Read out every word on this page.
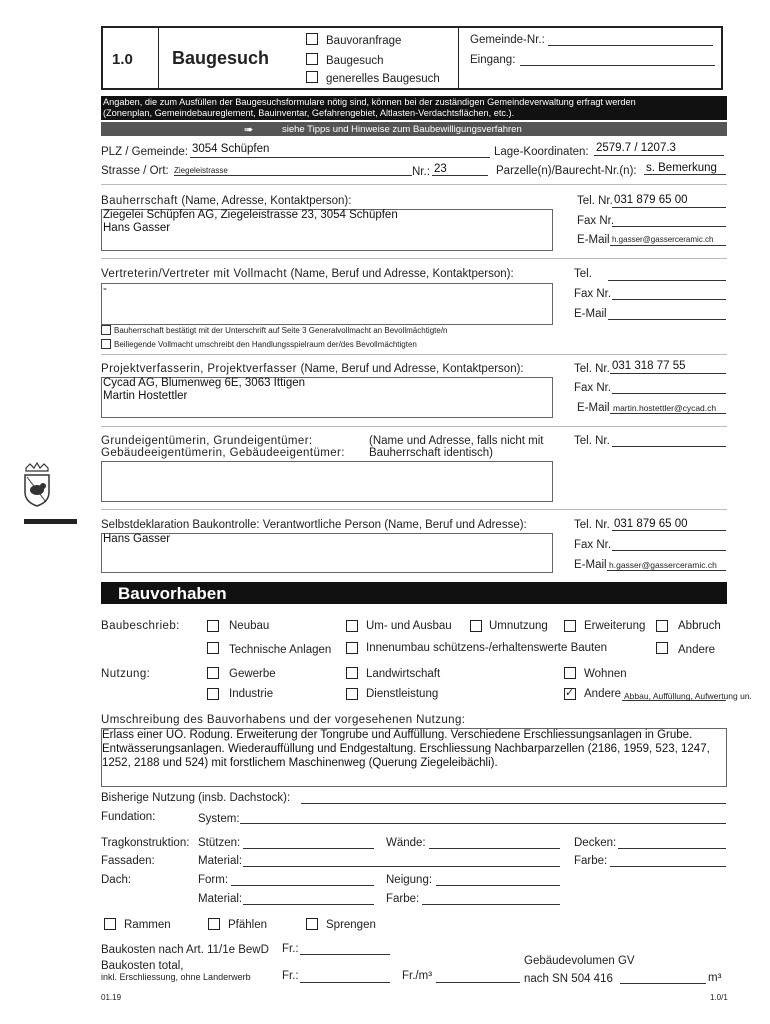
1.0 Baugesuch
Bauvoranfrage
Baugesuch
generelles Baugesuch
Gemeinde-Nr.:
Eingang:
Angaben, die zum Ausfüllen der Baugesuchsformulare nötig sind, können bei der zuständigen Gemeindeverwaltung erfragt werden
(Zonenplan, Gemeindebaureglement, Bauinventar, Gefahrengebiet, Altlasten-Verdachtsflächen, etc.).
➠	siehe Tipps und Hinweise zum Baubewilligungsverfahren
PLZ / Gemeinde: 3054 Schüpfen	Lage-Koordinaten: 2579.7 / 1207.3
Strasse / Ort: Ziegeleistrasse	Nr.: 23	Parzelle(n)/Baurecht-Nr.(n): s. Bemerkung
Bauherrschaft (Name, Adresse, Kontaktperson):
Ziegelei Schüpfen AG, Ziegeleistrasse 23, 3054 Schüpfen
Hans Gasser
Tel. Nr. 031 879 65 00
Fax Nr.
E-Mail h.gasser@gasserceramic.ch
Vertreterin/Vertreter mit Vollmacht (Name, Beruf und Adresse, Kontaktperson):
-
Tel.
Fax Nr.
E-Mail
Bauherrschaft bestätigt mit der Unterschrift auf Seite 3 Generalvollmacht an Bevollmächtigte/n
Beiliegende Vollmacht umschreibt den Handlungsspielraum der/des Bevollmächtigten
Projektverfasserin, Projektverfasser (Name, Beruf und Adresse, Kontaktperson):
Cycad AG, Blumenweg 6E, 3063 Ittigen
Martin Hostettler
Tel. Nr. 031 318 77 55
Fax Nr.
E-Mail martin.hostettler@cycad.ch
Grundeigentümerin, Grundeigentümer:
Gebäudeeigentümerin, Gebäudeeigentümer:
(Name und Adresse, falls nicht mit
Bauherrschaft identisch)
Tel. Nr.
Selbstdeklaration Baukontrolle: Verantwortliche Person (Name, Beruf und Adresse):
Hans Gasser
Tel. Nr. 031 879 65 00
Fax Nr.
E-Mail h.gasser@gasserceramic.ch
Bauvorhaben
Baubeschrieb:	Neubau	Um- und Ausbau	Umnutzung	Erweiterung	Abbruch
Technische Anlagen	Innenumbau schützens-/erhaltenswerte Bauten	Andere
Nutzung:	Gewerbe	Landwirtschaft	Wohnen
Industrie	Dienstleistung	✓ Andere Abbau, Auffüllung, Aufwertung un.
Umschreibung des Bauvorhabens und der vorgesehenen Nutzung:
Erlass einer ÜO. Rodung. Erweiterung der Tongrube und Auffüllung. Verschiedene Erschliessungsanlagen in Grube.
Entwässerungsanlagen. Wiederauffüllung und Endgestaltung. Erschliessung Nachbarparzellen (2186, 1959, 523, 1247,
1252, 2188 und 524) mit forstlichem Maschinenweg (Querung Ziegeleibächli).
Bisherige Nutzung (insb. Dachstock):
Fundation:	System:
Tragkonstruktion: Stützen:	Wände:	Decken:
Fassaden:	Material:	Farbe:
Dach:	Form:	Neigung:
Material:	Farbe:
Rammen	Pfählen	Sprengen
Baukosten nach Art. 11/1e BewD Fr.:
Baukosten total,
inkl. Erschliessung, ohne Landerwerb	Fr.:	Fr./m³
Gebäudevolumen GV
nach SN 504 416	m³
01.19	1.0/1
